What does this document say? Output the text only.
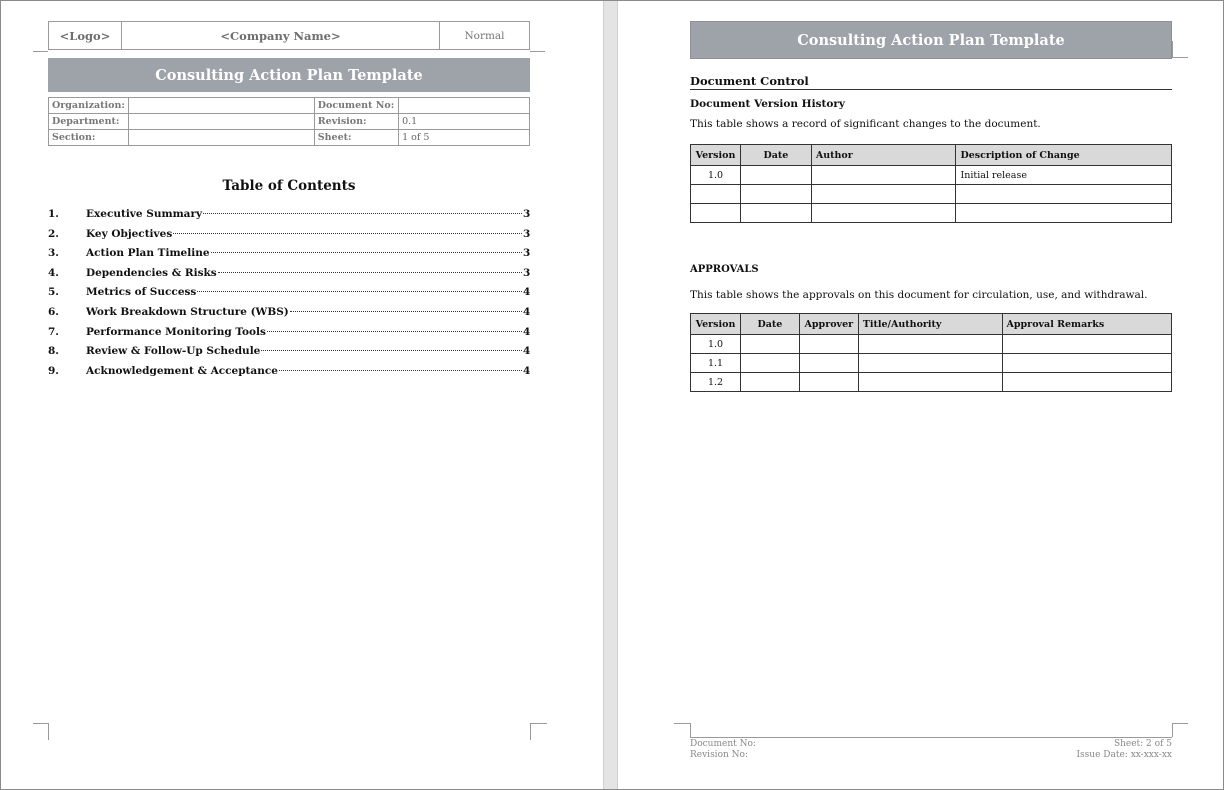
<Logo>	<Company Name>	Normal
Consulting Action Plan Template
Organization:		Document No:	
Department:		Revision:	0.1
Section:		Sheet:	1 of 5
Table of Contents
1.	Executive Summary	3
2.	Key Objectives	3
3.	Action Plan Timeline	3
4.	Dependencies & Risks	3
5.	Metrics of Success	4
6.	Work Breakdown Structure (WBS)	4
7.	Performance Monitoring Tools	4
8.	Review & Follow-Up Schedule	4
9.	Acknowledgement & Acceptance	4
Consulting Action Plan Template
Document Control
Document Version History
This table shows a record of significant changes to the document.
Version	Date	Author	Description of Change
1.0			Initial release

APPROVALS
This table shows the approvals on this document for circulation, use, and withdrawal.
Version	Date	Approver	Title/Authority	Approval Remarks
1.0				
1.1				
1.2				
Document No:
Revision No:
Sheet: 2 of 5
Issue Date: xx-xxx-xx
